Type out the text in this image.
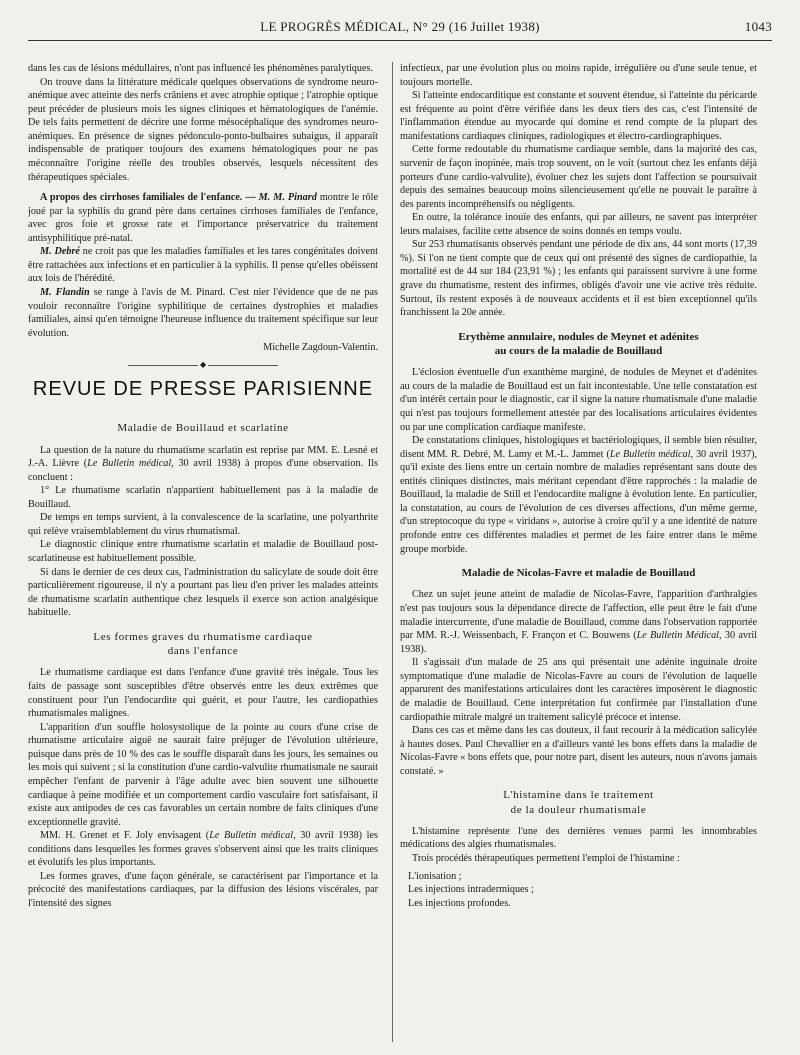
LE PROGRÈS MÉDICAL, N° 29 (16 Juillet 1938)	1043

dans les cas de lésions médullaires, n'ont pas influencé les phénomènes paralytiques.

On trouve dans la littérature médicale quelques observations de syndrome neuro-anémique avec atteinte des nerfs crâniens et avec atrophie optique ; l'atrophie optique peut précéder de plusieurs mois les signes cliniques et hématologiques de l'anémie. De tels faits permettent de décrire une forme mésocéphalique des syndromes neuro-anémiques. En présence de signes pédonculo-ponto-bulbaires subaigus, il apparaît indispensable de pratiquer toujours des examens hématologiques pour ne pas méconnaître l'origine réelle des troubles observés, lesquels nécessitent des thérapeutiques spéciales.

A propos des cirrhoses familiales de l'enfance. — M. M. Pinard montre le rôle joué par la syphilis du grand père dans certaines cirrhoses familiales de l'enfance, avec gros foie et grosse rate et l'importance préservatrice du traitement antisyphilitique pré-natal.

M. Debré ne croit pas que les maladies familiales et les tares congénitales doivent être rattachées aux infections et en particulier à la syphilis. Il pense qu'elles obéissent aux lois de l'hérédité.

M. Flandin se range à l'avis de M. Pinard. C'est nier l'évidence que de ne pas vouloir reconnaître l'origine syphilitique de certaines dystrophies et maladies familiales, ainsi qu'en témoigne l'heureuse influence du traitement spécifique sur leur évolution.

Michelle Zagdoun-Valentin.
◆
REVUE DE PRESSE PARISIENNE
Maladie de Bouillaud et scarlatine

La question de la nature du rhumatisme scarlatin est reprise par MM. E. Lesné et J.-A. Lièvre (Le Bulletin médical, 30 avril 1938) à propos d'une observation. Ils concluent :

1° Le rhumatisme scarlatin n'appartient habituellement pas à la maladie de Bouillaud.

De temps en temps survient, à la convalescence de la scarlatine, une polyarthrite qui relève vraisemblablement du virus rhumatismal.

Le diagnostic clinique entre rhumatisme scarlatin et maladie de Bouillaud post-scarlatineuse est habituellement possible.

Si dans le dernier de ces deux cas, l'administration du salicylate de soude doit être particulièrement rigoureuse, il n'y a pourtant pas lieu d'en priver les malades atteints de rhumatisme scarlatin authentique chez lesquels il exerce son action analgésique habituelle.

Les formes graves du rhumatisme cardiaque
dans l'enfance

Le rhumatisme cardiaque est dans l'enfance d'une gravité très inégale. Tous les faits de passage sont susceptibles d'être observés entre les deux extrêmes que constituent pour l'un l'endocardite qui guérit, et pour l'autre, les cardiopathies rhumatismales malignes.

L'apparition d'un souffle holosystolique de la pointe au cours d'une crise de rhumatisme articulaire aiguë ne saurait faire préjuger de l'évolution ultérieure, puisque dans près de 10 % des cas le souffle disparaît dans les jours, les semaines ou les mois qui suivent ; si la constitution d'une cardio-valvulite rhumatismale ne saurait empêcher l'enfant de parvenir à l'âge adulte avec bien souvent une silhouette cardiaque à peine modifiée et un comportement cardio vasculaire fort satisfaisant, il existe aux antipodes de ces cas favorables un certain nombre de faits cliniques d'une exceptionnelle gravité.

MM. H. Grenet et F. Joly envisagent (Le Bulletin médical, 30 avril 1938) les conditions dans lesquelles les formes graves s'observent ainsi que les traits cliniques et évolutifs les plus importants.

Les formes graves, d'une façon générale, se caractérisent par l'importance et la précocité des manifestations cardiaques, par la diffusion des lésions viscérales, par l'intensité des signes

infectieux, par une évolution plus ou moins rapide, irrégulière ou d'une seule tenue, et toujours mortelle.

Si l'atteinte endocarditique est constante et souvent étendue, si l'atteinte du péricarde est fréquente au point d'être vérifiée dans les deux tiers des cas, c'est l'intensité de l'inflammation étendue au myocarde qui domine et rend compte de la plupart des manifestations cardiaques cliniques, radiologiques et électro-cardiographiques.

Cette forme redoutable du rhumatisme cardiaque semble, dans la majorité des cas, survenir de façon inopinée, mais trop souvent, on le voit (surtout chez les enfants déjà porteurs d'une cardio-valvulite), évoluer chez les sujets dont l'affection se poursuivait depuis des semaines beaucoup moins silencieusement qu'elle ne pouvait le paraître à des parents incompréhensifs ou négligents.

En outre, la tolérance inouïe des enfants, qui par ailleurs, ne savent pas interpréter leurs malaises, facilite cette absence de soins donnés en temps voulu.

Sur 253 rhumatisants observés pendant une période de dix ans, 44 sont morts (17,39 %). Si l'on ne tient compte que de ceux qui ont présenté des signes de cardiopathie, la mortalité est de 44 sur 184 (23,91 %) ; les enfants qui paraissent survivre à une forme grave du rhumatisme, restent des infirmes, obligés d'avoir une vie active très réduite. Surtout, ils restent exposés à de nouveaux accidents et il est bien exceptionnel qu'ils franchissent la 20e année.

Erythème annulaire, nodules de Meynet et adénites
au cours de la maladie de Bouillaud

L'éclosion éventuelle d'un exanthème marginé, de nodules de Meynet et d'adénites au cours de la maladie de Bouillaud est un fait incontestable. Une telle constatation est d'un intérêt certain pour le diagnostic, car il signe la nature rhumatismale d'une maladie qui n'est pas toujours formellement attestée par des localisations articulaires évidentes ou par une complication cardiaque manifeste.

De constatations cliniques, histologiques et bactériologiques, il semble bien résulter, disent MM. R. Debré, M. Lamy et M.-L. Jammet (Le Bulletin médical, 30 avril 1937), qu'il existe des liens entre un certain nombre de maladies représentant sans doute des entités cliniques distinctes, mais méritant cependant d'être rapprochés : la maladie de Bouillaud, la maladie de Still et l'endocardite maligne à évolution lente. En particulier, la constatation, au cours de l'évolution de ces diverses affections, d'un même germe, d'un streptocoque du type « viridans », autorise à croire qu'il y a une identité de nature profonde entre ces différentes maladies et permet de les faire entrer dans le même groupe morbide.

Maladie de Nicolas-Favre et maladie de Bouillaud

Chez un sujet jeune atteint de maladie de Nicolas-Favre, l'apparition d'arthralgies n'est pas toujours sous la dépendance directe de l'affection, elle peut être le fait d'une maladie intercurrente, d'une maladie de Bouillaud, comme dans l'observation rapportée par MM. R.-J. Weissenbach, F. Françon et C. Bouwens (Le Bulletin Médical, 30 avril 1938).

Il s'agissait d'un malade de 25 ans qui présentait une adénite inguinale droite symptomatique d'une maladie de Nicolas-Favre au cours de l'évolution de laquelle apparurent des manifestations articulaires dont les caractères imposèrent le diagnostic de maladie de Bouillaud. Cette interprétation fut confirmée par l'installation d'une cardiopathie mitrale malgré un traitement salicylé précoce et intense.

Dans ces cas et même dans les cas douteux, il faut recourir à la médication salicylée à hautes doses. Paul Chevallier en a d'ailleurs vanté les bons effets dans la maladie de Nicolas-Favre « bons effets que, pour notre part, disent les auteurs, nous n'avons jamais constaté. »

L'histamine dans le traitement
de la douleur rhumatismale

L'histamine représente l'une des dernières venues parmi les innombrables médications des algies rhumatismales.

Trois procédés thérapeutiques permettent l'emploi de l'histamine :

L'ionisation ;
Les injections intradermiques ;
Les injections profondes.
